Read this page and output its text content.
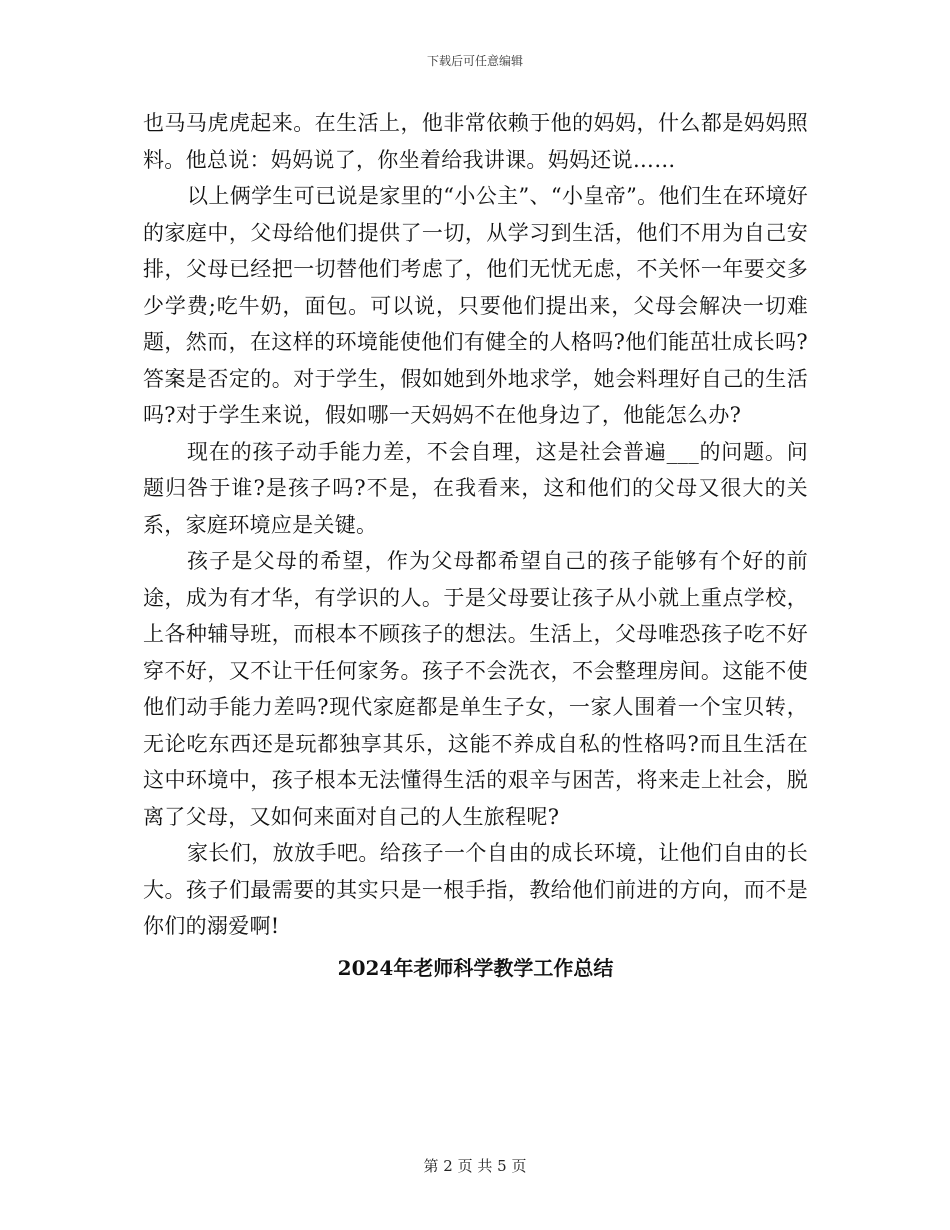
下载后可任意编辑

也马马虎虎起来。在生活上，他非常依赖于他的妈妈，什么都是妈妈照料。他总说：妈妈说了，你坐着给我讲课。妈妈还说……

以上俩学生可已说是家里的“小公主”、“小皇帝”。他们生在环境好的家庭中，父母给他们提供了一切，从学习到生活，他们不用为自己安排，父母已经把一切替他们考虑了，他们无忧无虑，不关怀一年要交多少学费;吃牛奶，面包。可以说，只要他们提出来，父母会解决一切难题，然而，在这样的环境能使他们有健全的人格吗?他们能茁壮成长吗?答案是否定的。对于学生，假如她到外地求学，她会料理好自己的生活吗?对于学生来说，假如哪一天妈妈不在他身边了，他能怎么办?

现在的孩子动手能力差，不会自理，这是社会普遍___的问题。问题归咎于谁?是孩子吗?不是，在我看来，这和他们的父母又很大的关系，家庭环境应是关键。

孩子是父母的希望，作为父母都希望自己的孩子能够有个好的前途，成为有才华，有学识的人。于是父母要让孩子从小就上重点学校，上各种辅导班，而根本不顾孩子的想法。生活上，父母唯恐孩子吃不好穿不好，又不让干任何家务。孩子不会洗衣，不会整理房间。这能不使他们动手能力差吗?现代家庭都是单生子女，一家人围着一个宝贝转，无论吃东西还是玩都独享其乐，这能不养成自私的性格吗?而且生活在这中环境中，孩子根本无法懂得生活的艰辛与困苦，将来走上社会，脱离了父母，又如何来面对自己的人生旅程呢?

家长们，放放手吧。给孩子一个自由的成长环境，让他们自由的长大。孩子们最需要的其实只是一根手指，教给他们前进的方向，而不是你们的溺爱啊!

2024年老师科学教学工作总结
第 2 页 共 5 页
